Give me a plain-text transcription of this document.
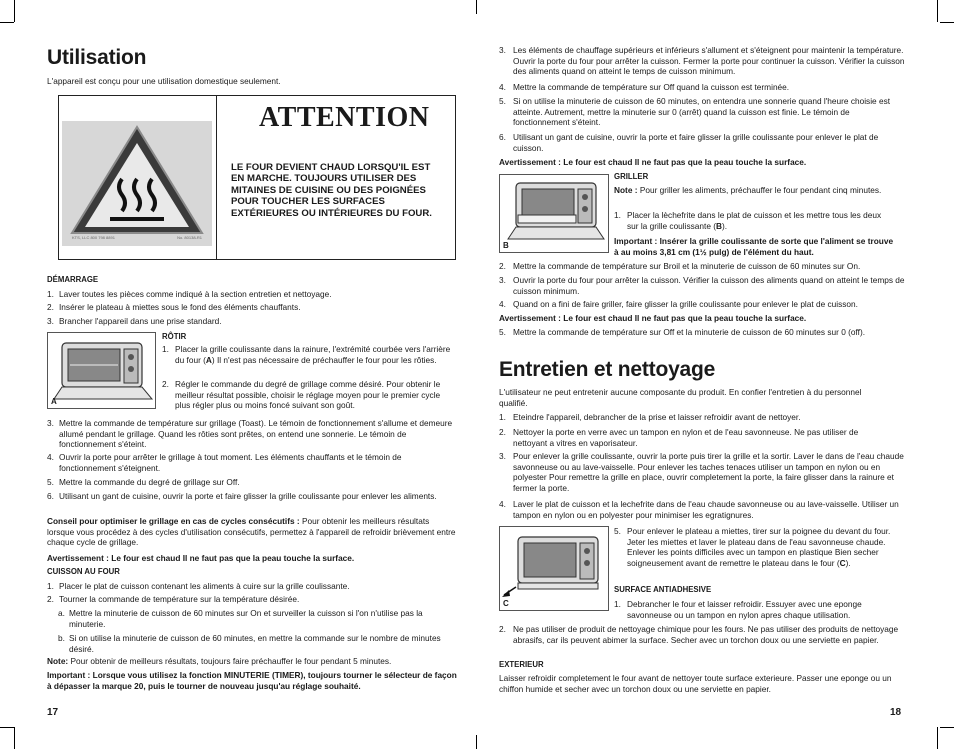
Utilisation
L'appareil est conçu pour une utilisation domestique seulement.
KTS, LLC 800 798 8891	No. 80138-R1
ATTENTION
LE FOUR DEVIENT CHAUD LORSQU'IL EST EN MARCHE. TOUJOURS UTILISER DES MITAINES DE CUISINE OU DES POIGNÉES POUR TOUCHER LES SURFACES EXTÉRIEURES OU INTÉRIEURES DU FOUR.
DÉMARRAGE
1. Laver toutes les pièces comme indiqué à la section entretien et nettoyage.
2. Insérer le plateau à miettes sous le fond des éléments chauffants.
3. Brancher l'appareil dans une prise standard.
A
RÔTIR
1. Placer la grille coulissante dans la rainure, l'extrémité courbée vers l'arrière du four (A) Il n'est pas nécessaire de préchauffer le four pour les rôties.
2. Régler le commande du degré de grillage comme désiré. Pour obtenir le meilleur résultat possible, choisir le réglage moyen pour le premier cycle plus régler plus ou moins foncé suivant son goût.
3. Mettre la commande de température sur grillage (Toast). Le témoin de fonctionnement s'allume et demeure allumé pendant le grillage. Quand les rôties sont prêtes, on entend une sonnerie. Le témoin de fonctionnement s'éteint.
4. Ouvrir la porte pour arrêter le grillage à tout moment. Les éléments chauffants et le témoin de fonctionnement s'éteignent.
5. Mettre la commande du degré de grillage sur Off.
6. Utilisant un gant de cuisine, ouvrir la porte et faire glisser la grille coulissante pour enlever les aliments.
Conseil pour optimiser le grillage en cas de cycles consécutifs : Pour obtenir les meilleurs résultats lorsque vous procédez à des cycles d'utilisation consécutifs, permettez à l'appareil de refroidir brièvement entre chaque cycle de grillage.
Avertissement : Le four est chaud Il ne faut pas que la peau touche la surface.
CUISSON AU FOUR
1. Placer le plat de cuisson contenant les aliments à cuire sur la grille coulissante.
2. Tourner la commande de température sur la température désirée.
a. Mettre la minuterie de cuisson de 60 minutes sur On et surveiller la cuisson si l'on n'utilise pas la minuterie.
b. Si on utilise la minuterie de cuisson de 60 minutes, en mettre la commande sur le nombre de minutes désiré.
Note: Pour obtenir de meilleurs résultats, toujours faire préchauffer le four pendant 5 minutes.
Important : Lorsque vous utilisez la fonction MINUTERIE (TIMER), toujours tourner le sélecteur de façon à dépasser la marque 20, puis le tourner de nouveau jusqu'au réglage souhaité.
17
3. Les éléments de chauffage supérieurs et inférieurs s'allument et s'éteignent pour maintenir la température. Ouvrir la porte du four pour arrêter la cuisson. Fermer la porte pour continuer la cuisson. Vérifier la cuisson des aliments quand on atteint le temps de cuisson minimum.
4. Mettre la commande de température sur Off quand la cuisson est terminée.
5. Si on utilise la minuterie de cuisson de 60 minutes, on entendra une sonnerie quand l'heure choisie est atteinte. Autrement, mettre la minuterie sur 0 (arrêt) quand la cuisson est finie. Le témoin de fonctionnement s'éteint.
6. Utilisant un gant de cuisine, ouvrir la porte et faire glisser la grille coulissante pour enlever le plat de cuisson.
Avertissement : Le four est chaud Il ne faut pas que la peau touche la surface.
B
GRILLER
Note : Pour griller les aliments, préchauffer le four pendant cinq minutes.
1. Placer la lèchefrite dans le plat de cuisson et les mettre tous les deux sur la grille coulissante (B).
Important : Insérer la grille coulissante de sorte que l'aliment se trouve à au moins 3,81 cm (1½ pulg) de l'élément du haut.
2. Mettre la commande de température sur Broil et la minuterie de cuisson de 60 minutes sur On.
3. Ouvrir la porte du four pour arrêter la cuisson. Vérifier la cuisson des aliments quand on atteint le temps de cuisson minimum.
4. Quand on a fini de faire griller, faire glisser la grille coulissante pour enlever le plat de cuisson.
Avertissement : Le four est chaud Il ne faut pas que la peau touche la surface.
5. Mettre la commande de température sur Off et la minuterie de cuisson de 60 minutes sur 0 (off).
Entretien et nettoyage
L'utilisateur ne peut entretenir aucune composante du produit. En confier l'entretien à du personnel qualifié.
1. Eteindre l'appareil, debrancher de la prise et laisser refroidir avant de nettoyer.
2. Nettoyer la porte en verre avec un tampon en nylon et de l'eau savonneuse. Ne pas utiliser de nettoyant a vitres en vaporisateur.
3. Pour enlever la grille coulissante, ouvrir la porte puis tirer la grille et la sortir. Laver le dans de l'eau chaude savonneuse ou au lave-vaisselle. Pour enlever les taches tenaces utiliser un tampon en nylon ou en polyester Pour remettre la grille en place, ouvrir completement la porte, la faire glisser dans la rainure et fermer la porte.
4. Laver le plat de cuisson et la lechefrite dans de l'eau chaude savonneuse ou au lave-vaisselle. Utiliser un tampon en nylon ou en polyester pour minimiser les egratignures.
C
5. Pour enlever le plateau a miettes, tirer sur la poignee du devant du four. Jeter les miettes et laver le plateau dans de l'eau savonneuse chaude. Enlever les points difficiles avec un tampon en plastique Bien secher soigneusement avant de remettre le plateau dans le four (C).
SURFACE ANTIADHESIVE
1. Debrancher le four et laisser refroidir. Essuyer avec une eponge savonneuse ou un tampon en nylon apres chaque utilisation.
2. Ne pas utiliser de produit de nettoyage chimique pour les fours. Ne pas utiliser des produits de nettoyage abrasifs, car ils peuvent abimer la surface. Secher avec un torchon doux ou une serviette en papier.
EXTERIEUR
Laisser refroidir completement le four avant de nettoyer toute surface exterieure. Passer une eponge ou un chiffon humide et secher avec un torchon doux ou une serviette en papier.
18
